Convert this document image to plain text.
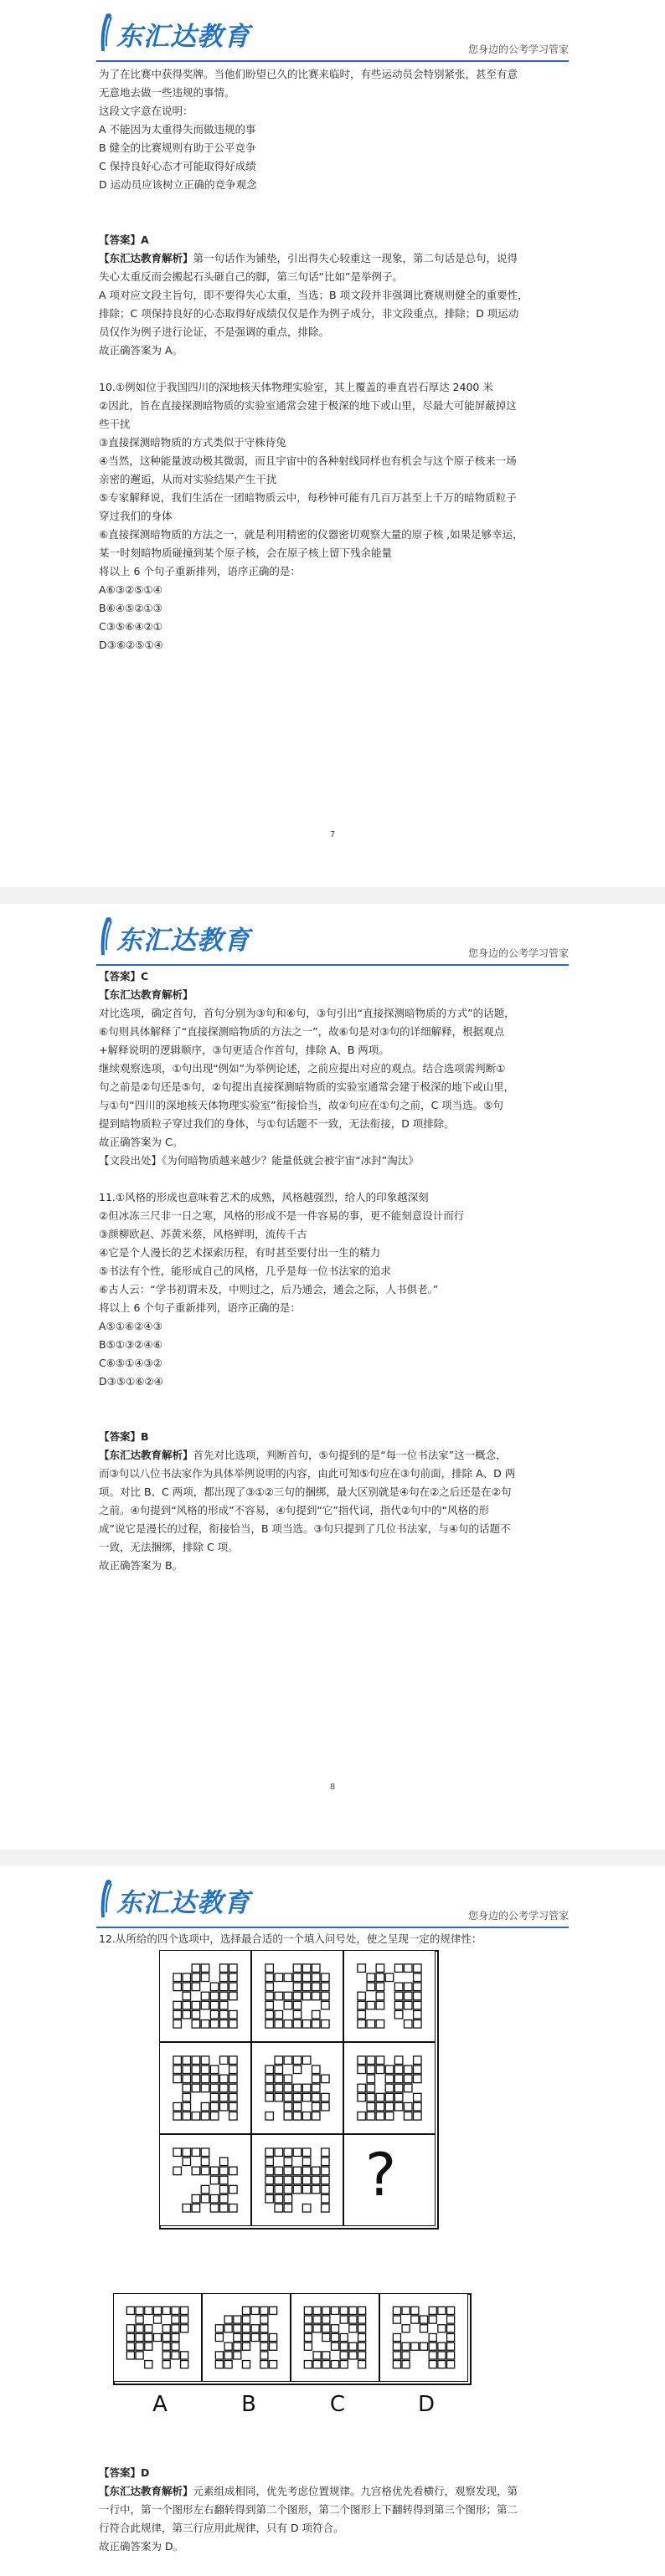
东汇达教育	您身边的公考学习管家

为了在比赛中获得奖牌。当他们盼望已久的比赛来临时，有些运动员会特别紧张，甚至有意

无意地去做一些违规的事情。

这段文字意在说明：

A 不能因为太重得失而做违规的事

B 健全的比赛规则有助于公平竞争

C 保持良好心态才可能取得好成绩

D 运动员应该树立正确的竞争观念

【答案】A

【东汇达教育解析】第一句话作为铺垫，引出得失心较重这一现象，第二句话是总句，说得

失心太重反而会搬起石头砸自己的脚，第三句话“比如”是举例子。

A 项对应文段主旨句，即不要得失心太重，当选；B 项文段并非强调比赛规则健全的重要性，

排除；C 项保持良好的心态取得好成绩仅仅是作为例子成分，非文段重点，排除；D 项运动

员仅作为例子进行论证，不是强调的重点，排除。

故正确答案为 A。

10.①例如位于我国四川的深地核天体物理实验室，其上覆盖的垂直岩石厚达 2400 米

②因此，旨在直接探测暗物质的实验室通常会建于极深的地下或山里，尽最大可能屏蔽掉这

些干扰

③直接探测暗物质的方式类似于守株待兔

④当然，这种能量波动极其微弱，而且宇宙中的各种射线同样也有机会与这个原子核来一场

亲密的邂逅，从而对实验结果产生干扰

⑤专家解释说，我们生活在一团暗物质云中，每秒钟可能有几百万甚至上千万的暗物质粒子

穿过我们的身体

⑥直接探测暗物质的方法之一，就是利用精密的仪器密切观察大量的原子核 ,如果足够幸运，

某一时刻暗物质碰撞到某个原子核，会在原子核上留下残余能量

将以上 6 个句子重新排列，语序正确的是：

A⑥③②⑤①④

B⑥④⑤②①③

C③⑤⑥④②①

D③⑥②⑤①④

7
东汇达教育	您身边的公考学习管家

【答案】C

【东汇达教育解析】

对比选项，确定首句，首句分别为③句和⑥句，③句引出“直接探测暗物质的方式”的话题，

⑥句则具体解释了“直接探测暗物质的方法之一”，故⑥句是对③句的详细解释，根据观点

+解释说明的逻辑顺序，③句更适合作首句，排除 A、B 两项。

继续观察选项，①句出现“例如”为举例论述，之前应提出对应的观点。结合选项需判断①

句之前是②句还是⑤句，②句提出直接探测暗物质的实验室通常会建于极深的地下或山里，

与①句“四川的深地核天体物理实验室”衔接恰当，故②句应在①句之前，C 项当选。⑤句

提到暗物质粒子穿过我们的身体，与①句话题不一致，无法衔接，D 项排除。

故正确答案为 C。

【文段出处】《为何暗物质越来越少？能量低就会被宇宙“冰封”淘汰》

11.①风格的形成也意味着艺术的成熟，风格越强烈，给人的印象越深刻

②但冰冻三尺非一日之寒，风格的形成不是一件容易的事，更不能刻意设计而行

③颜柳欧赵、苏黄米蔡，风格鲜明，流传千古

④它是个人漫长的艺术探索历程，有时甚至要付出一生的精力

⑤书法有个性，能形成自己的风格，几乎是每一位书法家的追求

⑥古人云：“学书初谓未及，中则过之，后乃通会，通会之际，人书俱老。”

将以上 6 个句子重新排列，语序正确的是：

A⑤①⑥②④③

B⑤①③②④⑥

C⑥⑤①④③②

D③⑤①⑥②④

【答案】B

【东汇达教育解析】首先对比选项，判断首句，⑤句提到的是“每一位书法家”这一概念，

而③句以八位书法家作为具体举例说明的内容，由此可知⑤句应在③句前面，排除 A、D 两

项。对比 B、C 两项，都出现了③①②三句的捆绑，最大区别就是④句在②之后还是在②句

之前。④句提到“风格的形成”不容易，④句提到“它”指代词，指代②句中的“风格的形

成”说它是漫长的过程，衔接恰当，B 项当选。③句只提到了几位书法家，与④句的话题不

一致，无法捆绑，排除 C 项。

故正确答案为 B。

8
东汇达教育	您身边的公考学习管家

12.从所给的四个选项中，选择最合适的一个填入问号处，使之呈现一定的规律性：

?
A	B	C	D

【答案】D

【东汇达教育解析】元素组成相同，优先考虑位置规律。九宫格优先看横行，观察发现，第

一行中，第一个图形左右翻转得到第二个图形，第二个图形上下翻转得到第三个图形；第二

行符合此规律，第三行应用此规律，只有 D 项符合。

故正确答案为 D。
